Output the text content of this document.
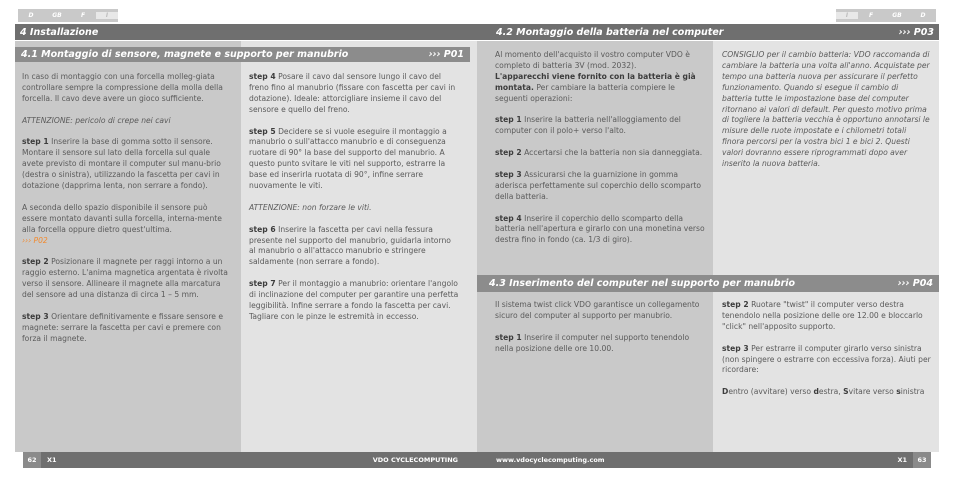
D	GB	F	I	I	F	GB	D
4 Installazione	4.2 Montaggio della batteria nel computer	››› P03
4.1 Montaggio di sensore, magnete e supporto per manubrio	››› P01

In caso di montaggio con una forcella molleg-giata controllare sempre la compressione della molla della forcella. Il cavo deve avere un gioco sufficiente.

ATTENZIONE: pericolo di crepe nei cavi

step 1 Inserire la base di gomma sotto il sensore. Montare il sensore sul lato della forcella sul quale avete previsto di montare il computer sul manu-brio (destra o sinistra), utilizzando la fascetta per cavi in dotazione (dapprima lenta, non serrare a fondo).

A seconda dello spazio disponibile il sensore può essere montato davanti sulla forcella, interna-mente alla forcella oppure dietro quest'ultima.
››› P02

step 2 Posizionare il magnete per raggi intorno a un raggio esterno. L'anima magnetica argentata è rivolta verso il sensore. Allineare il magnete alla marcatura del sensore ad una distanza di circa 1 – 5 mm.

step 3 Orientare definitivamente e fissare sensore e magnete: serrare la fascetta per cavi e premere con forza il magnete.

step 4 Posare il cavo dal sensore lungo il cavo del freno fino al manubrio (fissare con fascetta per cavi in dotazione). Ideale: attorcigliare insieme il cavo del sensore e quello del freno.

step 5 Decidere se si vuole eseguire il montaggio a manubrio o sull'attacco manubrio e di conseguenza ruotare di 90° la base del supporto del manubrio. A questo punto svitare le viti nel supporto, estrarre la base ed inserirla ruotata di 90°, infine serrare nuovamente le viti.

ATTENZIONE: non forzare le viti.

step 6 Inserire la fascetta per cavi nella fessura presente nel supporto del manubrio, guidarla intorno al manubrio o all'attacco manubrio e stringere saldamente (non serrare a fondo).

step 7 Per il montaggio a manubrio: orientare l'angolo di inclinazione del computer per garantire una perfetta leggibilità. Infine serrare a fondo la fascetta per cavi.
Tagliare con le pinze le estremità in eccesso.

Al momento dell'acquisto il vostro computer VDO è completo di batteria 3V (mod. 2032).
L'apparecchi viene fornito con la batteria è già montata. Per cambiare la batteria compiere le seguenti operazioni:

step 1 Inserire la batteria nell'alloggiamento del computer con il polo+ verso l'alto.

step 2 Accertarsi che la batteria non sia danneggiata.

step 3 Assicurarsi che la guarnizione in gomma aderisca perfettamente sul coperchio dello scomparto della batteria.

step 4 Inserire il coperchio dello scomparto della batteria nell'apertura e girarlo con una monetina verso destra fino in fondo (ca. 1/3 di giro).

CONSIGLIO per il cambio batteria: VDO raccomanda di cambiare la batteria una volta all'anno. Acquistate per tempo una batteria nuova per assicurare il perfetto funzionamento. Quando si esegue il cambio di batteria tutte le impostazione base del computer ritornano ai valori di default. Per questo motivo prima di togliere la batteria vecchia è opportuno annotarsi le misure delle ruote impostate e i chilometri totali finora percorsi per la vostra bici 1 e bici 2. Questi valori dovranno essere riprogrammati dopo aver inserito la nuova batteria.

4.3 Inserimento del computer nel supporto per manubrio	››› P04

Il sistema twist click VDO garantisce un collegamento sicuro del computer al supporto per manubrio.

step 1 Inserire il computer nel supporto tenendolo nella posizione delle ore 10.00.

step 2 Ruotare "twist" il computer verso destra tenendolo nella posizione delle ore 12.00 e bloccarlo "click" nell'apposito supporto.

step 3 Per estrarre il computer girarlo verso sinistra (non spingere o estrarre con eccessiva forza). Aiuti per ricordare:

Dentro (avvitare) verso destra, Svitare verso sinistra

62	X1	VDO CYCLECOMPUTING	www.vdocyclecomputing.com	X1	63
